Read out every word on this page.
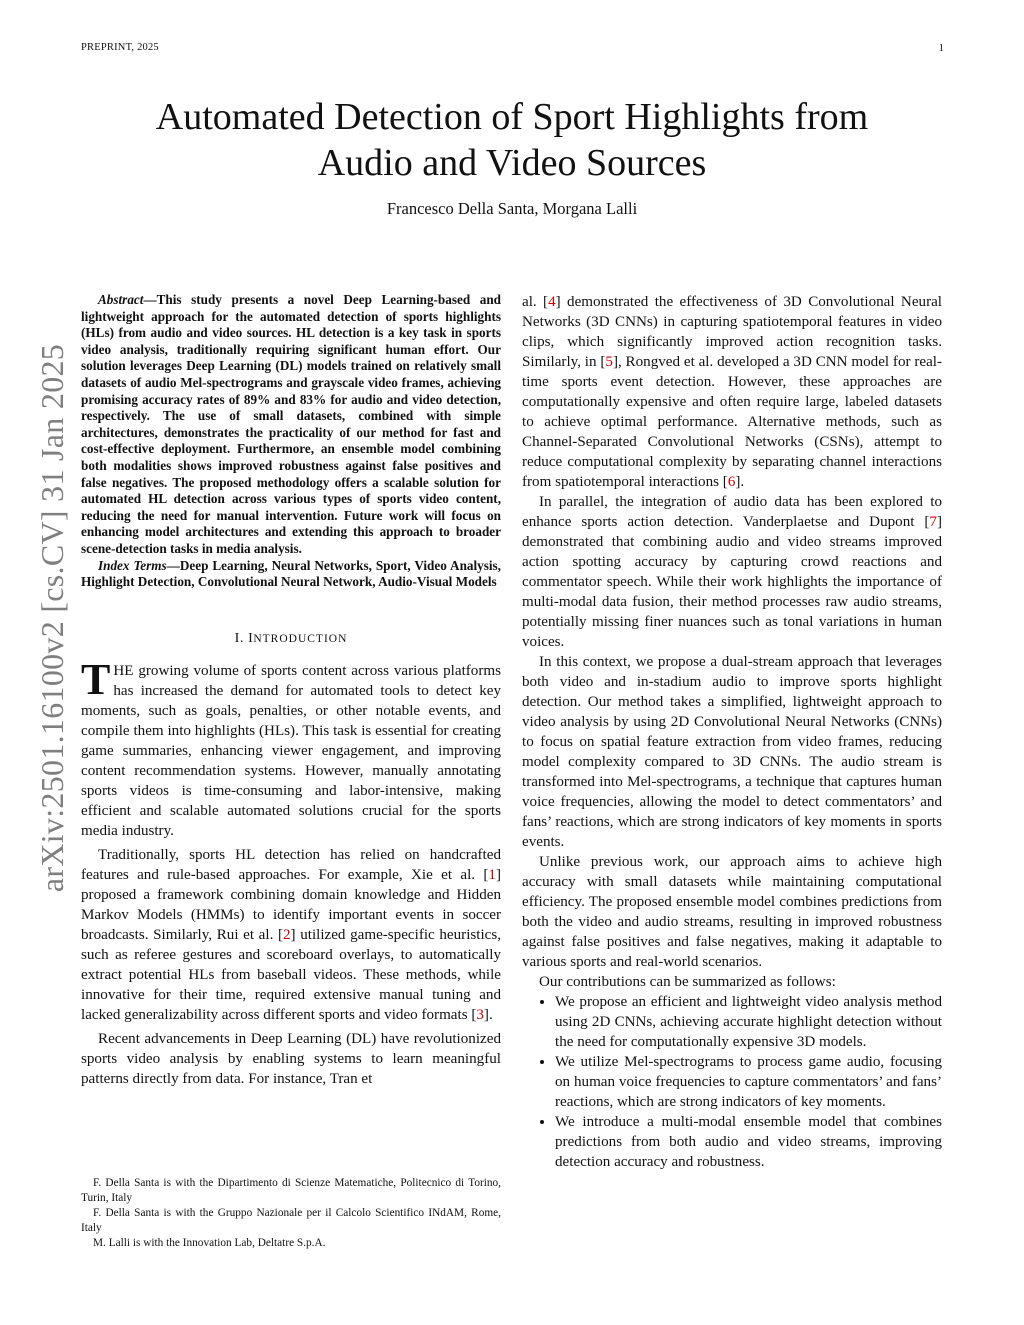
PREPRINT, 2025	1
Automated Detection of Sport Highlights from
Audio and Video Sources
Francesco Della Santa, Morgana Lalli
arXiv:2501.16100v2 [cs.CV] 31 Jan 2025

Abstract—This study presents a novel Deep Learning-based and lightweight approach for the automated detection of sports highlights (HLs) from audio and video sources. HL detection is a key task in sports video analysis, traditionally requiring significant human effort. Our solution leverages Deep Learning (DL) models trained on relatively small datasets of audio Mel-spectrograms and grayscale video frames, achieving promising accuracy rates of 89% and 83% for audio and video detection, respectively. The use of small datasets, combined with simple architectures, demonstrates the practicality of our method for fast and cost-effective deployment. Furthermore, an ensemble model combining both modalities shows improved robustness against false positives and false negatives. The proposed methodology offers a scalable solution for automated HL detection across various types of sports video content, reducing the need for manual intervention. Future work will focus on enhancing model architectures and extending this approach to broader scene-detection tasks in media analysis.

Index Terms—Deep Learning, Neural Networks, Sport, Video Analysis, Highlight Detection, Convolutional Neural Network, Audio-Visual Models

I. INTRODUCTION

THE growing volume of sports content across various platforms has increased the demand for automated tools to detect key moments, such as goals, penalties, or other notable events, and compile them into highlights (HLs). This task is essential for creating game summaries, enhancing viewer engagement, and improving content recommendation systems. However, manually annotating sports videos is time-consuming and labor-intensive, making efficient and scalable automated solutions crucial for the sports media industry.

Traditionally, sports HL detection has relied on handcrafted features and rule-based approaches. For example, Xie et al. [1] proposed a framework combining domain knowledge and Hidden Markov Models (HMMs) to identify important events in soccer broadcasts. Similarly, Rui et al. [2] utilized game-specific heuristics, such as referee gestures and scoreboard overlays, to automatically extract potential HLs from baseball videos. These methods, while innovative for their time, required extensive manual tuning and lacked generalizability across different sports and video formats [3].

Recent advancements in Deep Learning (DL) have revolutionized sports video analysis by enabling systems to learn meaningful patterns directly from data. For instance, Tran et

F. Della Santa is with the Dipartimento di Scienze Matematiche, Politecnico di Torino, Turin, Italy

F. Della Santa is with the Gruppo Nazionale per il Calcolo Scientifico INdAM, Rome, Italy

M. Lalli is with the Innovation Lab, Deltatre S.p.A.

al. [4] demonstrated the effectiveness of 3D Convolutional Neural Networks (3D CNNs) in capturing spatiotemporal features in video clips, which significantly improved action recognition tasks. Similarly, in [5], Rongved et al. developed a 3D CNN model for real-time sports event detection. However, these approaches are computationally expensive and often require large, labeled datasets to achieve optimal performance. Alternative methods, such as Channel-Separated Convolutional Networks (CSNs), attempt to reduce computational complexity by separating channel interactions from spatiotemporal interactions [6].

In parallel, the integration of audio data has been explored to enhance sports action detection. Vanderplaetse and Dupont [7] demonstrated that combining audio and video streams improved action spotting accuracy by capturing crowd reactions and commentator speech. While their work highlights the importance of multi-modal data fusion, their method processes raw audio streams, potentially missing finer nuances such as tonal variations in human voices.

In this context, we propose a dual-stream approach that leverages both video and in-stadium audio to improve sports highlight detection. Our method takes a simplified, lightweight approach to video analysis by using 2D Convolutional Neural Networks (CNNs) to focus on spatial feature extraction from video frames, reducing model complexity compared to 3D CNNs. The audio stream is transformed into Mel-spectrograms, a technique that captures human voice frequencies, allowing the model to detect commentators’ and fans’ reactions, which are strong indicators of key moments in sports events.

Unlike previous work, our approach aims to achieve high accuracy with small datasets while maintaining computational efficiency. The proposed ensemble model combines predictions from both the video and audio streams, resulting in improved robustness against false positives and false negatives, making it adaptable to various sports and real-world scenarios.

Our contributions can be summarized as follows:

• We propose an efficient and lightweight video analysis method using 2D CNNs, achieving accurate highlight detection without the need for computationally expensive 3D models.
• We utilize Mel-spectrograms to process game audio, focusing on human voice frequencies to capture commentators’ and fans’ reactions, which are strong indicators of key moments.
• We introduce a multi-modal ensemble model that combines predictions from both audio and video streams, improving detection accuracy and robustness.
